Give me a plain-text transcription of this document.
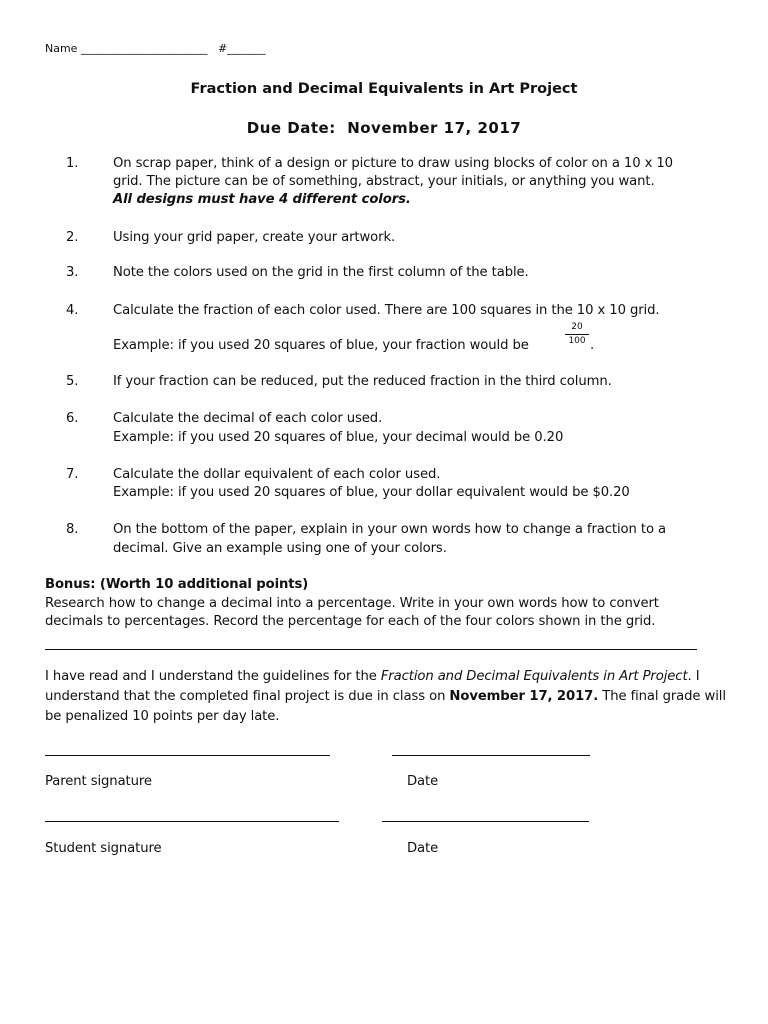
Name _______________________ #_______
Fraction and Decimal Equivalents in Art Project
Due Date: November 17, 2017
1.	On scrap paper, think of a design or picture to draw using blocks of color on a 10 x 10
grid. The picture can be of something, abstract, your initials, or anything you want.
All designs must have 4 different colors.
2.	Using your grid paper, create your artwork.
3.	Note the colors used on the grid in the first column of the table.
4.	Calculate the fraction of each color used. There are 100 squares in the 10 x 10 grid.
Example: if you used 20 squares of blue, your fraction would be
20
100 .
5.	If your fraction can be reduced, put the reduced fraction in the third column.
6.	Calculate the decimal of each color used.
Example: if you used 20 squares of blue, your decimal would be 0.20
7.	Calculate the dollar equivalent of each color used.
Example: if you used 20 squares of blue, your dollar equivalent would be $0.20
8.	On the bottom of the paper, explain in your own words how to change a fraction to a
decimal. Give an example using one of your colors.
Bonus: (Worth 10 additional points)
Research how to change a decimal into a percentage. Write in your own words how to convert
decimals to percentages. Record the percentage for each of the four colors shown in the grid.
I have read and I understand the guidelines for the Fraction and Decimal Equivalents in Art Project. I
understand that the completed final project is due in class on November 17, 2017. The final grade will
be penalized 10 points per day late.
Parent signature	Date
Student signature	Date
